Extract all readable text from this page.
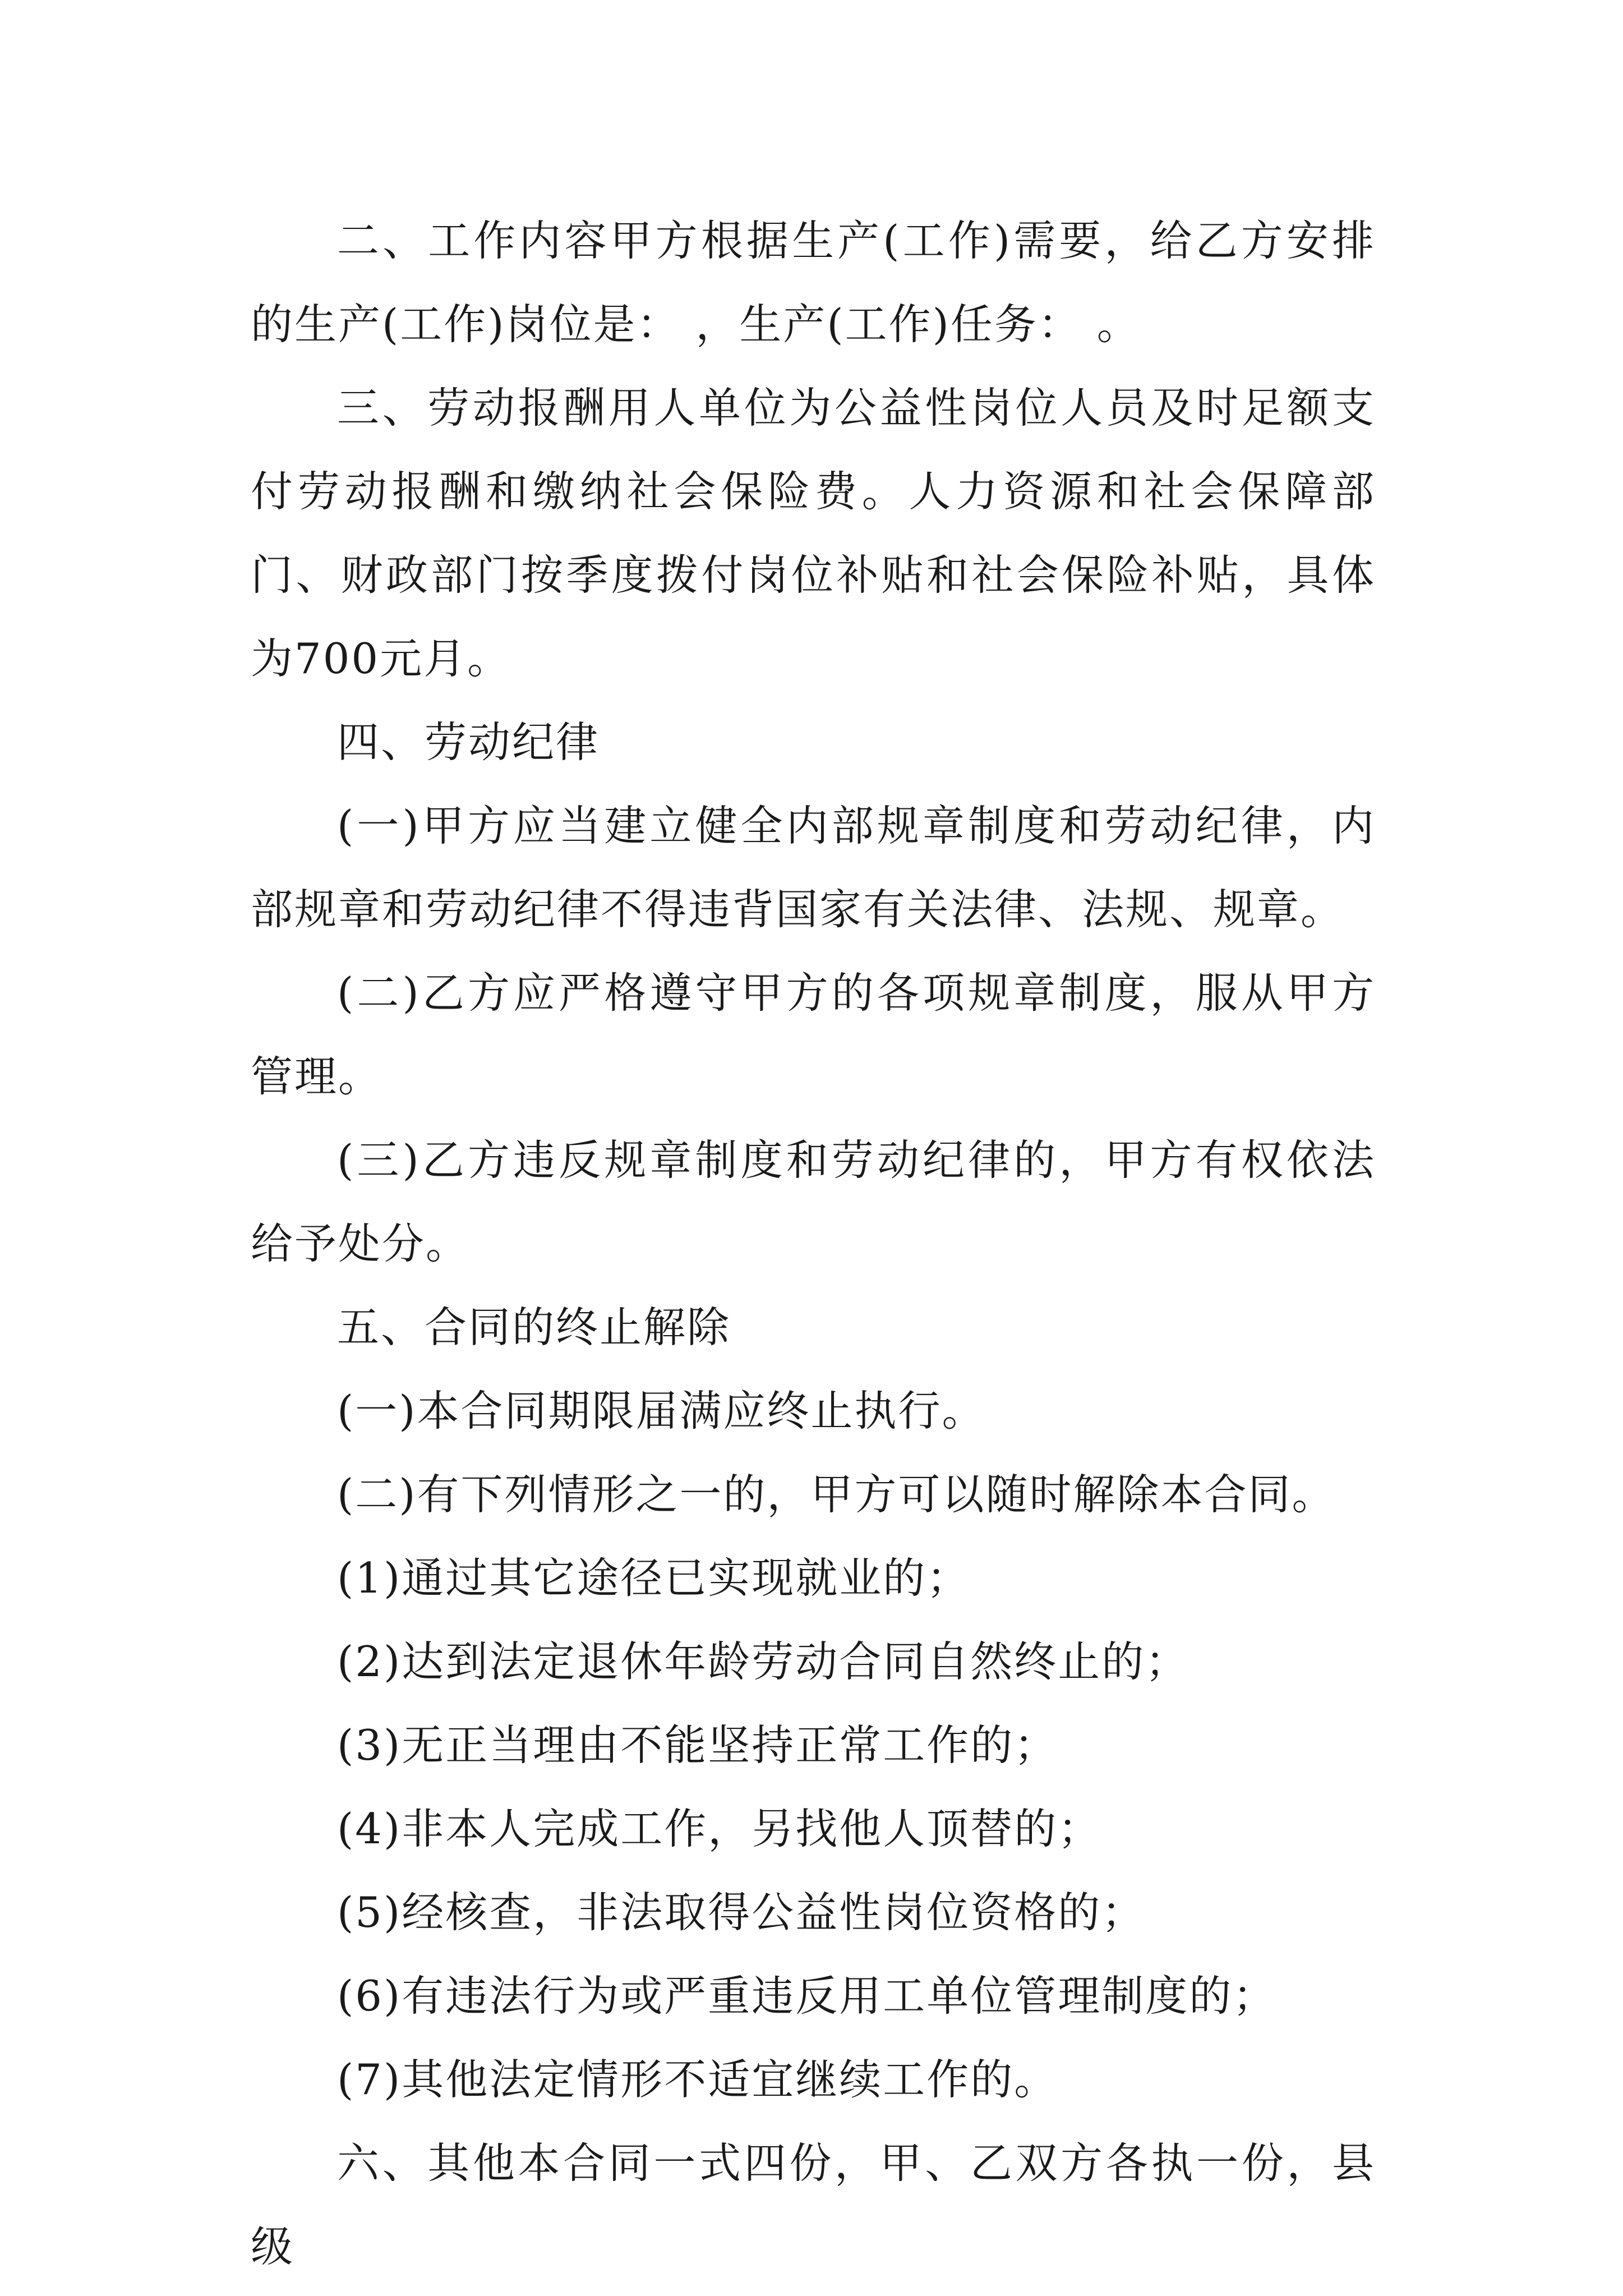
二、工作内容甲方根据生产(工作)需要，给乙方安排的生产(工作)岗位是： ，生产(工作)任务： 。

三、劳动报酬用人单位为公益性岗位人员及时足额支付劳动报酬和缴纳社会保险费。人力资源和社会保障部门、财政部门按季度拨付岗位补贴和社会保险补贴，具体为700元月。

四、劳动纪律

(一)甲方应当建立健全内部规章制度和劳动纪律，内部规章和劳动纪律不得违背国家有关法律、法规、规章。

(二)乙方应严格遵守甲方的各项规章制度，服从甲方管理。

(三)乙方违反规章制度和劳动纪律的，甲方有权依法给予处分。

五、合同的终止解除

(一)本合同期限届满应终止执行。

(二)有下列情形之一的，甲方可以随时解除本合同。

(1)通过其它途径已实现就业的；

(2)达到法定退休年龄劳动合同自然终止的；

(3)无正当理由不能坚持正常工作的；

(4)非本人完成工作，另找他人顶替的；

(5)经核查，非法取得公益性岗位资格的；

(6)有违法行为或严重违反用工单位管理制度的；

(7)其他法定情形不适宜继续工作的。

六、其他本合同一式四份，甲、乙双方各执一份，县级
